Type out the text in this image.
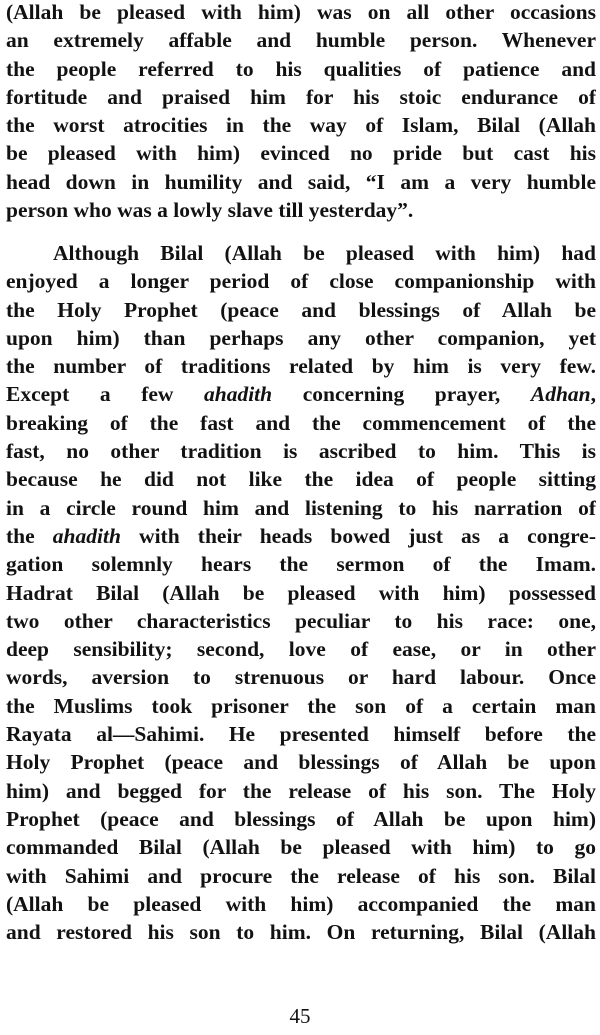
(Allah be pleased with him) was on all other occasions
an extremely affable and humble person. Whenever
the people referred to his qualities of patience and
fortitude and praised him for his stoic endurance of
the worst atrocities in the way of Islam, Bilal (Allah
be pleased with him) evinced no pride but cast his
head down in humility and said, “I am a very humble
person who was a lowly slave till yesterday”.
Although Bilal (Allah be pleased with him) had
enjoyed a longer period of close companionship with
the Holy Prophet (peace and blessings of Allah be
upon him) than perhaps any other companion, yet
the number of traditions related by him is very few.
Except a few ahadith concerning prayer, Adhan,
breaking of the fast and the commencement of the
fast, no other tradition is ascribed to him. This is
because he did not like the idea of people sitting
in a circle round him and listening to his narration of
the ahadith with their heads bowed just as a congre-
gation solemnly hears the sermon of the Imam.
Hadrat Bilal (Allah be pleased with him) possessed
two other characteristics peculiar to his race: one,
deep sensibility; second, love of ease, or in other
words, aversion to strenuous or hard labour. Once
the Muslims took prisoner the son of a certain man
Rayata al—Sahimi. He presented himself before the
Holy Prophet (peace and blessings of Allah be upon
him) and begged for the release of his son. The Holy
Prophet (peace and blessings of Allah be upon him)
commanded Bilal (Allah be pleased with him) to go
with Sahimi and procure the release of his son. Bilal
(Allah be pleased with him) accompanied the man
and restored his son to him. On returning, Bilal (Allah
45
